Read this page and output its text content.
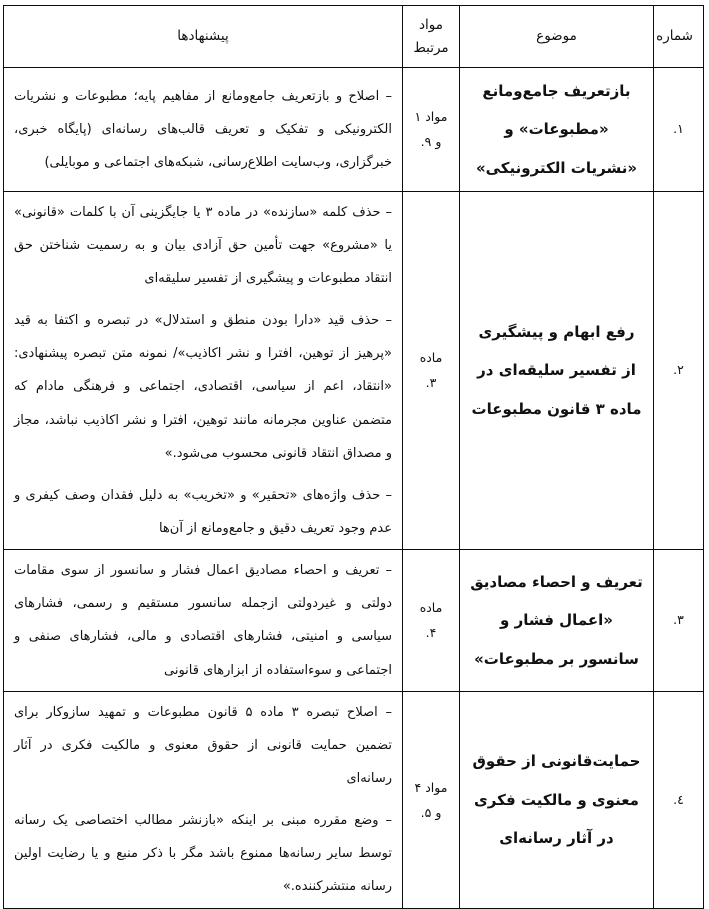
شماره	موضوع	مواد مرتبط	پیشنهادها
۱.	بازتعریف جامع‌ومانع «مطبوعات» و «نشریات الکترونیکی»	مواد ۱ و ۹.	– اصلاح و بازتعریف جامع‌ومانع از مفاهیم پایه؛ مطبوعات و نشریات الکترونیکی و تفکیک و تعریف قالب‌های رسانه‌ای (پایگاه خبری، خبرگزاری، وب‌سایت اطلاع‌رسانی، شبکه‌های اجتماعی و موبایلی)

۲.	رفع ابهام و پیشگیری از تفسیر سلیقه‌ای در ماده ۳ قانون مطبوعات	ماده ۳.	– حذف کلمه «سازنده» در ماده ۳ یا جایگزینی آن با کلمات «قانونی» یا «مشروع» جهت تأمین حق آزادی بیان و به رسمیت شناختن حق انتقاد مطبوعات و پیشگیری از تفسیر سلیقه‌ای

– حذف قید «دارا بودن منطق و استدلال» در تبصره و اکتفا به قید «پرهیز از توهین، افترا و نشر اکاذیب»/ نمونه متن تبصره پیشنهادی: «انتقاد، اعم از سیاسی، اقتصادی، اجتماعی و فرهنگی مادام که متضمن عناوین مجرمانه مانند توهین، افترا و نشر اکاذیب نباشد، مجاز و مصداق انتقاد قانونی محسوب می‌شود.»

– حذف واژه‌های «تحقیر» و «تخریب» به دلیل فقدان وصف کیفری و عدم وجود تعریف دقیق و جامع‌ومانع از آن‌ها

۳.	تعریف و احصاء مصادیق «اعمال فشار و سانسور بر مطبوعات»	ماده ۴.	– تعریف و احصاء مصادیق اعمال فشار و سانسور از سوی مقامات دولتی و غیردولتی ازجمله سانسور مستقیم و رسمی، فشارهای سیاسی و امنیتی، فشارهای اقتصادی و مالی، فشارهای صنفی و اجتماعی و سوءاستفاده از ابزارهای قانونی

٤.	حمایت‌قانونی از حقوق معنوی و مالکیت فکری در آثار رسانه‌ای	مواد ۴ و ۵.	– اصلاح تبصره ۳ ماده ۵ قانون مطبوعات و تمهید سازوکار برای تضمین حمایت قانونی از حقوق معنوی و مالکیت فکری در آثار رسانه‌ای

– وضع مقرره مبنی بر اینکه «بازنشر مطالب اختصاصی یک رسانه توسط سایر رسانه‌ها ممنوع باشد مگر با ذکر منبع و یا رضایت اولین رسانه منتشرکننده.»
